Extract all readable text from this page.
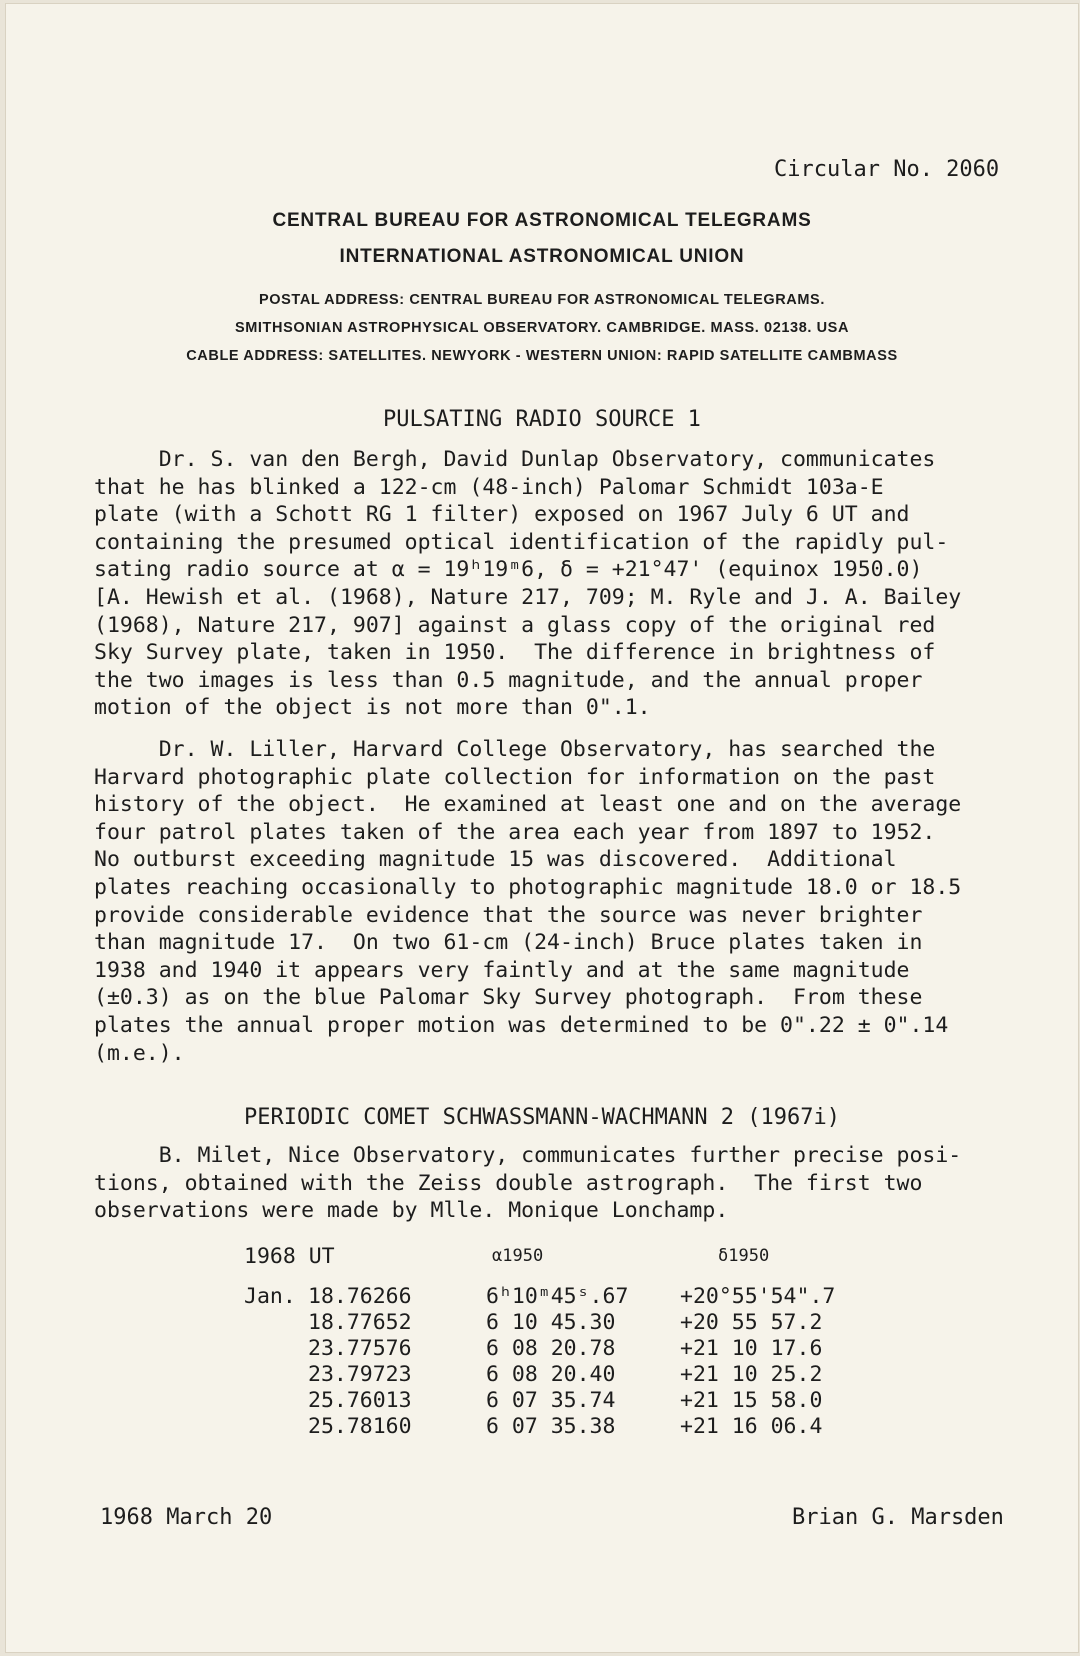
Circular No. 2060
CENTRAL BUREAU FOR ASTRONOMICAL TELEGRAMS
INTERNATIONAL ASTRONOMICAL UNION
POSTAL ADDRESS: CENTRAL BUREAU FOR ASTRONOMICAL TELEGRAMS.
SMITHSONIAN ASTROPHYSICAL OBSERVATORY. CAMBRIDGE. MASS. 02138. USA
CABLE ADDRESS: SATELLITES. NEWYORK - WESTERN UNION: RAPID SATELLITE CAMBMASS
PULSATING RADIO SOURCE 1
Dr. S. van den Bergh, David Dunlap Observatory, communicates
that he has blinked a 122-cm (48-inch) Palomar Schmidt 103a-E
plate (with a Schott RG 1 filter) exposed on 1967 July 6 UT and
containing the presumed optical identification of the rapidly pul-
sating radio source at α = 19ʰ19ᵐ6, δ = +21°47' (equinox 1950.0)
[A. Hewish et al. (1968), Nature 217, 709; M. Ryle and J. A. Bailey
(1968), Nature 217, 907] against a glass copy of the original red
Sky Survey plate, taken in 1950.  The difference in brightness of
the two images is less than 0.5 magnitude, and the annual proper
motion of the object is not more than 0".1.
Dr. W. Liller, Harvard College Observatory, has searched the
Harvard photographic plate collection for information on the past
history of the object.  He examined at least one and on the average
four patrol plates taken of the area each year from 1897 to 1952.
No outburst exceeding magnitude 15 was discovered.  Additional
plates reaching occasionally to photographic magnitude 18.0 or 18.5
provide considerable evidence that the source was never brighter
than magnitude 17.  On two 61-cm (24-inch) Bruce plates taken in
1938 and 1940 it appears very faintly and at the same magnitude
(±0.3) as on the blue Palomar Sky Survey photograph.  From these
plates the annual proper motion was determined to be 0".22 ± 0".14
(m.e.).
PERIODIC COMET SCHWASSMANN-WACHMANN 2 (1967i)
B. Milet, Nice Observatory, communicates further precise posi-
tions, obtained with the Zeiss double astrograph.  The first two
observations were made by Mlle. Monique Lonchamp.
1968 UT	α1950	δ1950
Jan. 18.76266	6ʰ10ᵐ45ˢ.67 +20°55'54".7
18.77652	6 10 45.30	+20 55 57.2
23.77576	6 08 20.78	+21 10 17.6
23.79723	6 08 20.40	+21 10 25.2
25.76013	6 07 35.74	+21 15 58.0
25.78160	6 07 35.38	+21 16 06.4
1968 March 20	Brian G. Marsden
